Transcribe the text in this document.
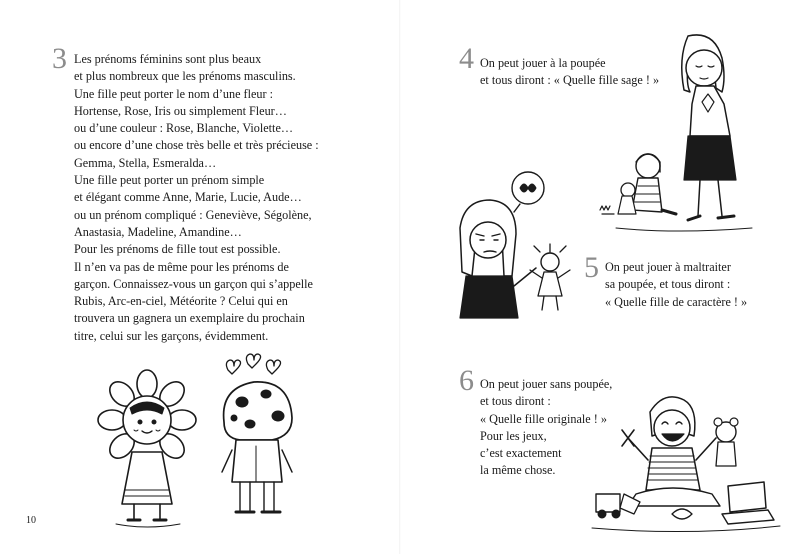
3 Les prénoms féminins sont plus beaux
et plus nombreux que les prénoms masculins.
Une fille peut porter le nom d’une fleur :
Hortense, Rose, Iris ou simplement Fleur…
ou d’une couleur : Rose, Blanche, Violette…
ou encore d’une chose très belle et très précieuse :
Gemma, Stella, Esmeralda…
Une fille peut porter un prénom simple
et élégant comme Anne, Marie, Lucie, Aude…
ou un prénom compliqué : Geneviève, Ségolène,
Anastasia, Madeline, Amandine…
Pour les prénoms de fille tout est possible.
Il n’en va pas de même pour les prénoms de
garçon. Connaissez-vous un garçon qui s’appelle
Rubis, Arc-en-ciel, Météorite ? Celui qui en
trouvera un gagnera un exemplaire du prochain
titre, celui sur les garçons, évidemment.
10
4 On peut jouer à la poupée
et tous diront : « Quelle fille sage ! »
5 On peut jouer à maltraiter
sa poupée, et tous diront :
« Quelle fille de caractère ! »
6 On peut jouer sans poupée,
et tous diront :
« Quelle fille originale ! »
Pour les jeux,
c’est exactement
la même chose.
